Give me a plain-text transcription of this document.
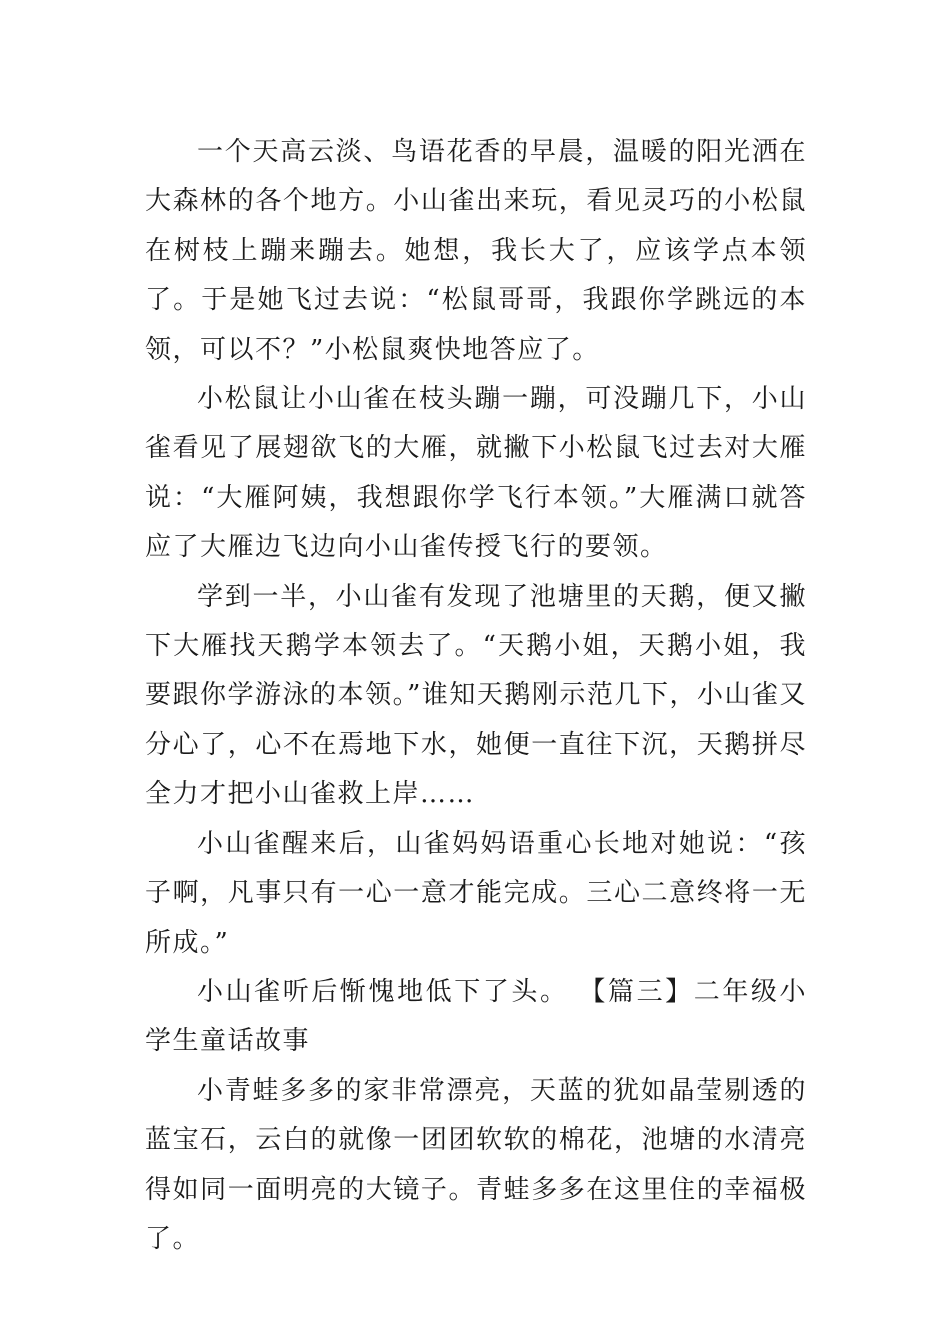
一个天高云淡、鸟语花香的早晨，温暖的阳光洒在大森林的各个地方。小山雀出来玩，看见灵巧的小松鼠在树枝上蹦来蹦去。她想，我长大了，应该学点本领了。于是她飞过去说：“松鼠哥哥，我跟你学跳远的本领，可以不？”小松鼠爽快地答应了。

小松鼠让小山雀在枝头蹦一蹦，可没蹦几下，小山雀看见了展翅欲飞的大雁，就撇下小松鼠飞过去对大雁说：“大雁阿姨，我想跟你学飞行本领。”大雁满口就答应了大雁边飞边向小山雀传授飞行的要领。

学到一半，小山雀有发现了池塘里的天鹅，便又撇下大雁找天鹅学本领去了。“天鹅小姐，天鹅小姐，我要跟你学游泳的本领。”谁知天鹅刚示范几下，小山雀又分心了，心不在焉地下水，她便一直往下沉，天鹅拼尽全力才把小山雀救上岸……

小山雀醒来后，山雀妈妈语重心长地对她说：“孩子啊，凡事只有一心一意才能完成。三心二意终将一无所成。”

小山雀听后惭愧地低下了头。 【篇三】二年级小学生童话故事

小青蛙多多的家非常漂亮，天蓝的犹如晶莹剔透的蓝宝石，云白的就像一团团软软的棉花，池塘的水清亮得如同一面明亮的大镜子。青蛙多多在这里住的幸福极了。
